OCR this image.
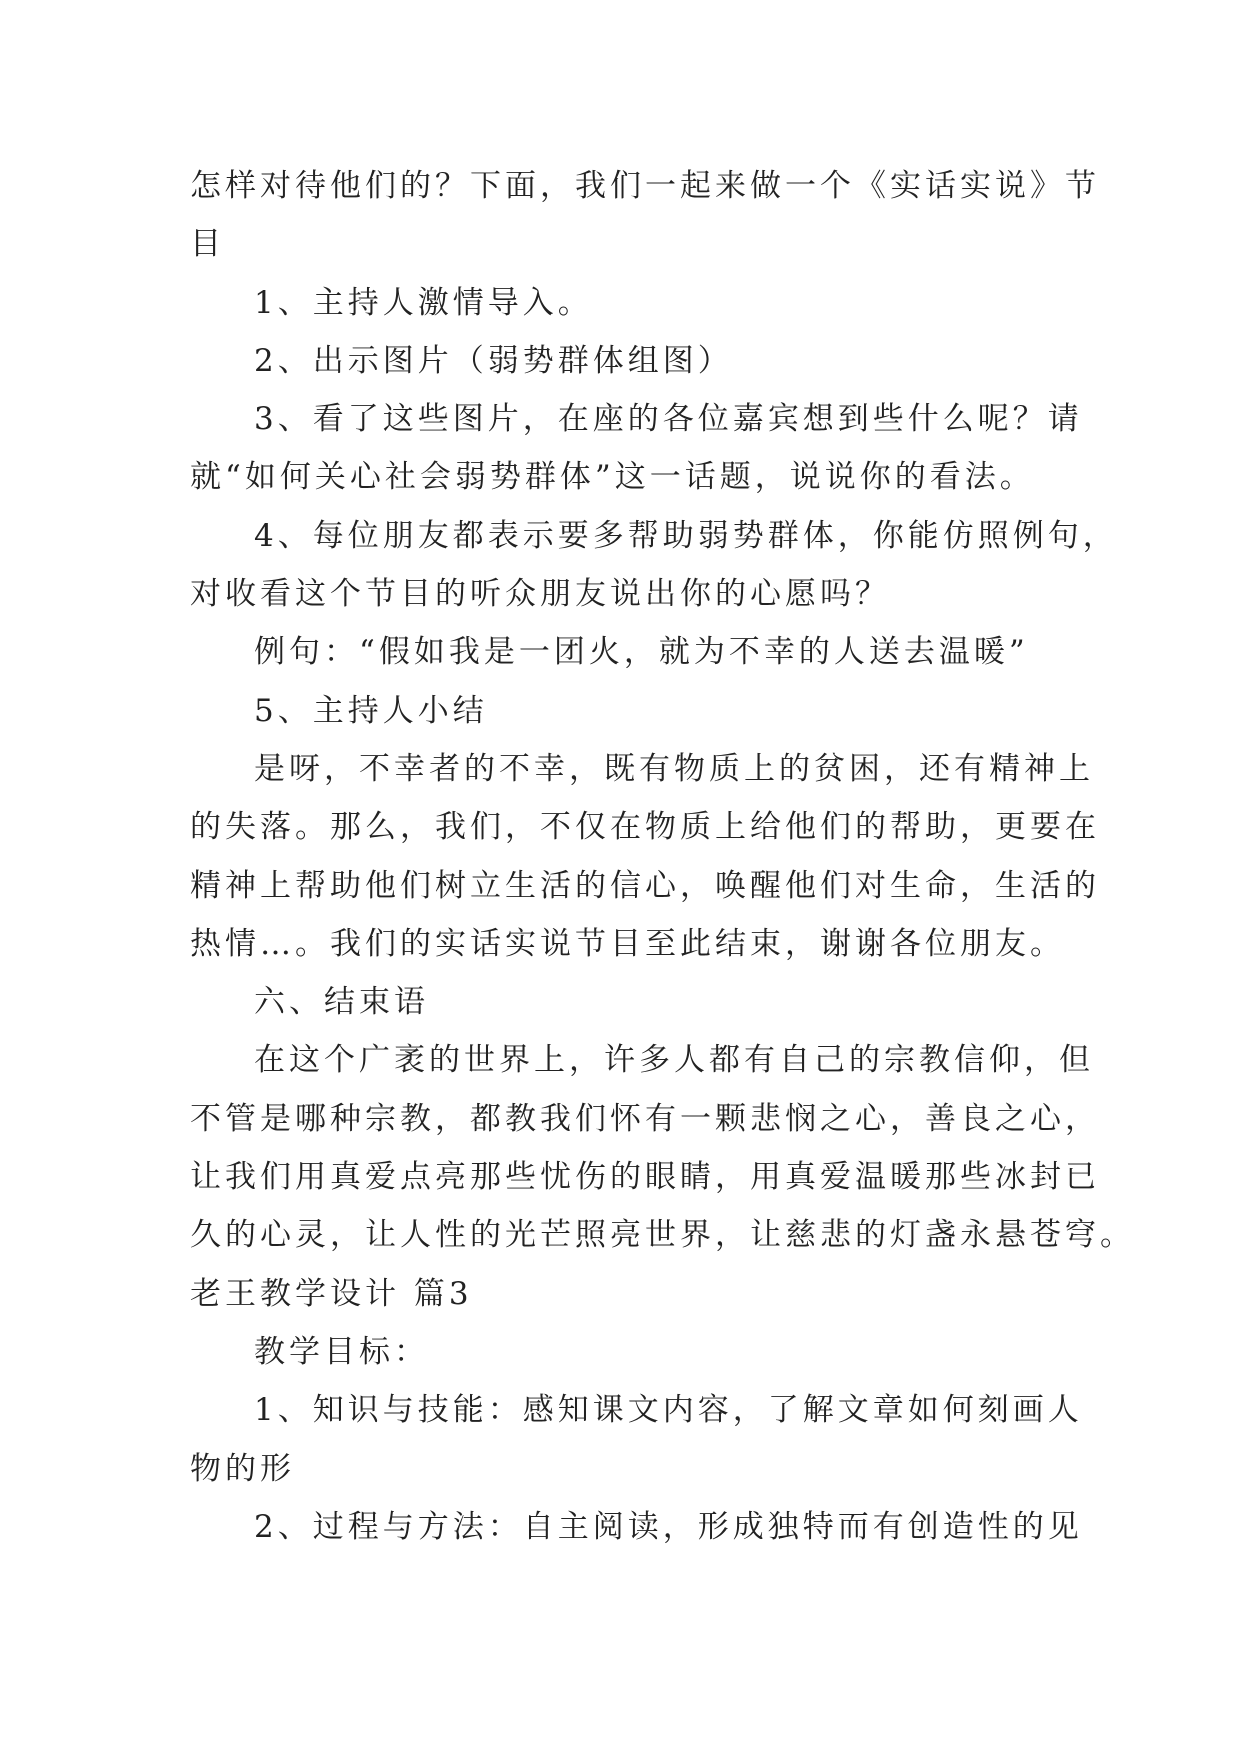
怎样对待他们的？下面，我们一起来做一个《实话实说》节
目
1、主持人激情导入。
2、出示图片（弱势群体组图）
3、看了这些图片，在座的各位嘉宾想到些什么呢？请
就“如何关心社会弱势群体”这一话题，说说你的看法。
4、每位朋友都表示要多帮助弱势群体，你能仿照例句，
对收看这个节目的听众朋友说出你的心愿吗？
例句：“假如我是一团火，就为不幸的人送去温暖”
5、主持人小结
是呀，不幸者的不幸，既有物质上的贫困，还有精神上
的失落。那么，我们，不仅在物质上给他们的帮助，更要在
精神上帮助他们树立生活的信心，唤醒他们对生命，生活的
热情…。我们的实话实说节目至此结束，谢谢各位朋友。
六、结束语
在这个广袤的世界上，许多人都有自己的宗教信仰，但
不管是哪种宗教，都教我们怀有一颗悲悯之心，善良之心，
让我们用真爱点亮那些忧伤的眼睛，用真爱温暖那些冰封已
久的心灵，让人性的光芒照亮世界，让慈悲的灯盏永悬苍穹。
老王教学设计 篇3
教学目标：
1、知识与技能：感知课文内容，了解文章如何刻画人
物的形
2、过程与方法：自主阅读，形成独特而有创造性的见
